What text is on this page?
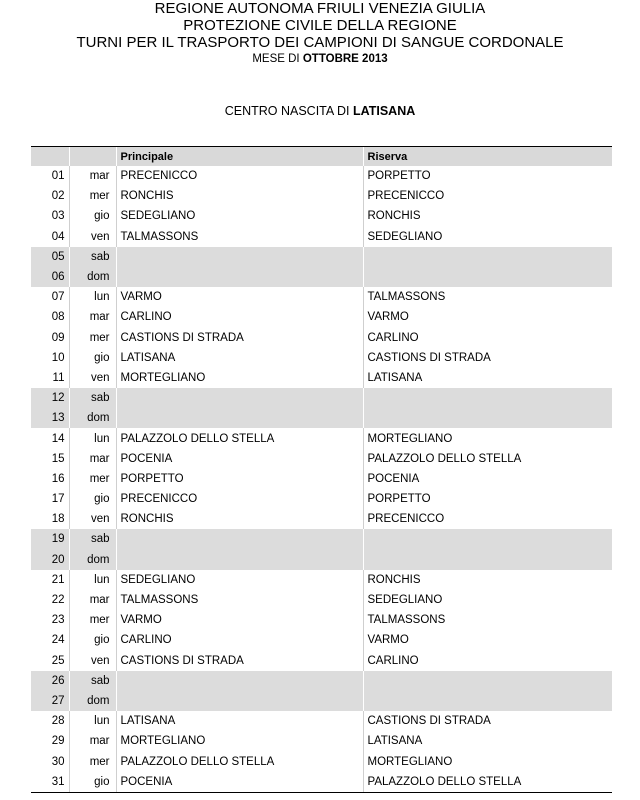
REGIONE AUTONOMA FRIULI VENEZIA GIULIA
PROTEZIONE CIVILE DELLA REGIONE
TURNI PER IL TRASPORTO DEI CAMPIONI DI SANGUE CORDONALE
MESE DI OTTOBRE 2013
CENTRO NASCITA DI LATISANA
		Principale	Riserva
01	mar	PRECENICCO	PORPETTO
02	mer	RONCHIS	PRECENICCO
03	gio	SEDEGLIANO	RONCHIS
04	ven	TALMASSONS	SEDEGLIANO
05	sab		
06	dom		
07	lun	VARMO	TALMASSONS
08	mar	CARLINO	VARMO
09	mer	CASTIONS DI STRADA	CARLINO
10	gio	LATISANA	CASTIONS DI STRADA
11	ven	MORTEGLIANO	LATISANA
12	sab		
13	dom		
14	lun	PALAZZOLO DELLO STELLA	MORTEGLIANO
15	mar	POCENIA	PALAZZOLO DELLO STELLA
16	mer	PORPETTO	POCENIA
17	gio	PRECENICCO	PORPETTO
18	ven	RONCHIS	PRECENICCO
19	sab		
20	dom		
21	lun	SEDEGLIANO	RONCHIS
22	mar	TALMASSONS	SEDEGLIANO
23	mer	VARMO	TALMASSONS
24	gio	CARLINO	VARMO
25	ven	CASTIONS DI STRADA	CARLINO
26	sab		
27	dom		
28	lun	LATISANA	CASTIONS DI STRADA
29	mar	MORTEGLIANO	LATISANA
30	mer	PALAZZOLO DELLO STELLA	MORTEGLIANO
31	gio	POCENIA	PALAZZOLO DELLO STELLA
